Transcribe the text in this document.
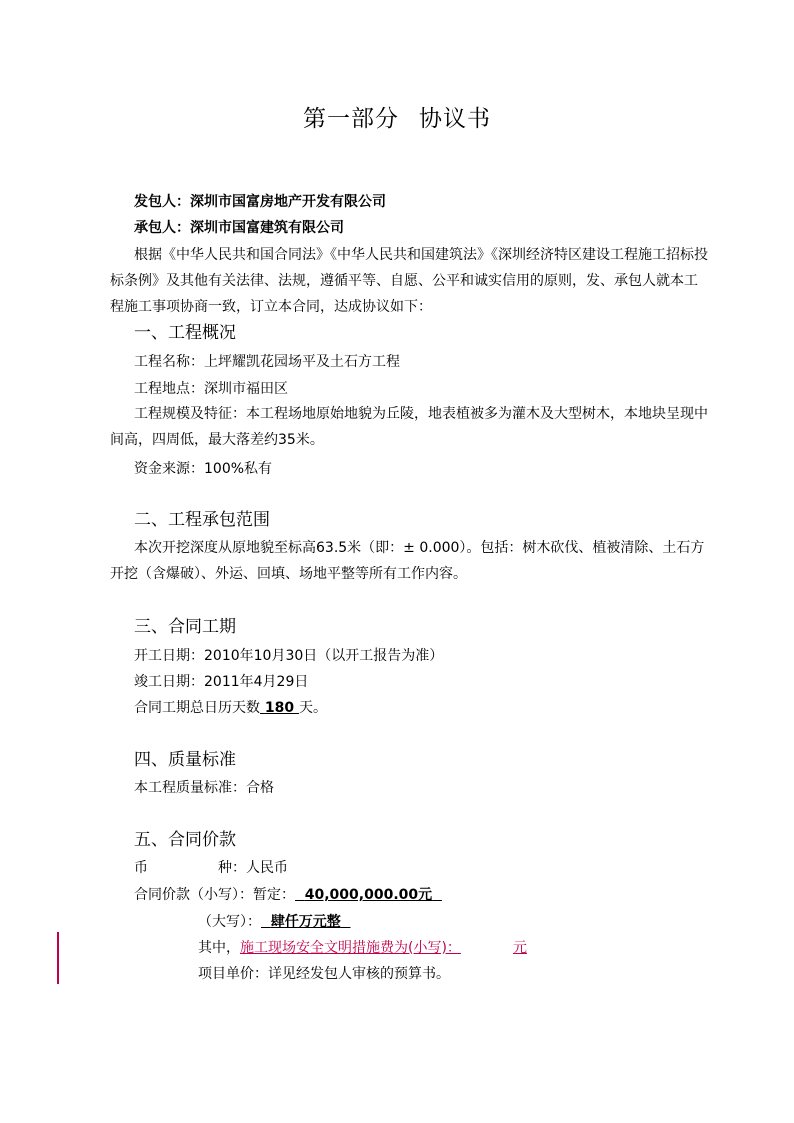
第一部分 协议书
发包人：深圳市国富房地产开发有限公司
承包人：深圳市国富建筑有限公司
根据《中华人民共和国合同法》《中华人民共和国建筑法》《深圳经济特区建设工程施工招标投标条例》及其他有关法律、法规，遵循平等、自愿、公平和诚实信用的原则，发、承包人就本工程施工事项协商一致，订立本合同，达成协议如下：
一、工程概况
工程名称：上坪耀凯花园场平及土石方工程
工程地点：深圳市福田区
工程规模及特征：本工程场地原始地貌为丘陵，地表植被多为灌木及大型树木，本地块呈现中间高，四周低，最大落差约35米。
资金来源：100%私有
二、工程承包范围
本次开挖深度从原地貌至标高63.5米（即：± 0.000）。包括：树木砍伐、植被清除、土石方开挖（含爆破）、外运、回填、场地平整等所有工作内容。
三、合同工期
开工日期：2010年10月30日（以开工报告为准）
竣工日期：2011年4月29日
合同工期总日历天数 180 天。
四、质量标准
本工程质量标准：合格
五、合同价款
币	种：人民币
合同价款（小写）：暂定： 40,000,000.00元
（大写）： 肆仟万元整
其中，施工现场安全文明措施费为(小写)：	元
项目单价：详见经发包人审核的预算书。
